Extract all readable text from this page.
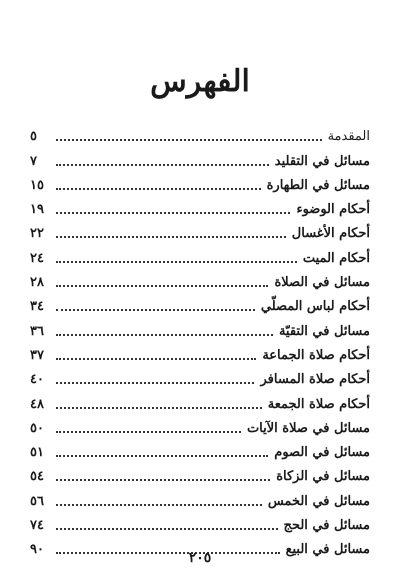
الفهرس
المقدمة
٥
مسائل في التقليد
٧
مسائل في الطهارة
١٥
أحكام الوضوء
١٩
أحكام الأغسال
٢٢
أحكام الميت
٢٤
مسائل في الصلاة
٢٨
أحكام لباس المصلّي
٣٤
مسائل في التقيّة
٣٦
أحكام صلاة الجماعة
٣٧
أحكام صلاة المسافر
٤٠
أحكام صلاة الجمعة
٤٨
مسائل في صلاة الآيات
٥٠
مسائل في الصوم
٥١
مسائل في الزكاة
٥٤
مسائل في الخمس
٥٦
مسائل في الحج
٧٤
مسائل في البيع
٩٠
٢٠٥
